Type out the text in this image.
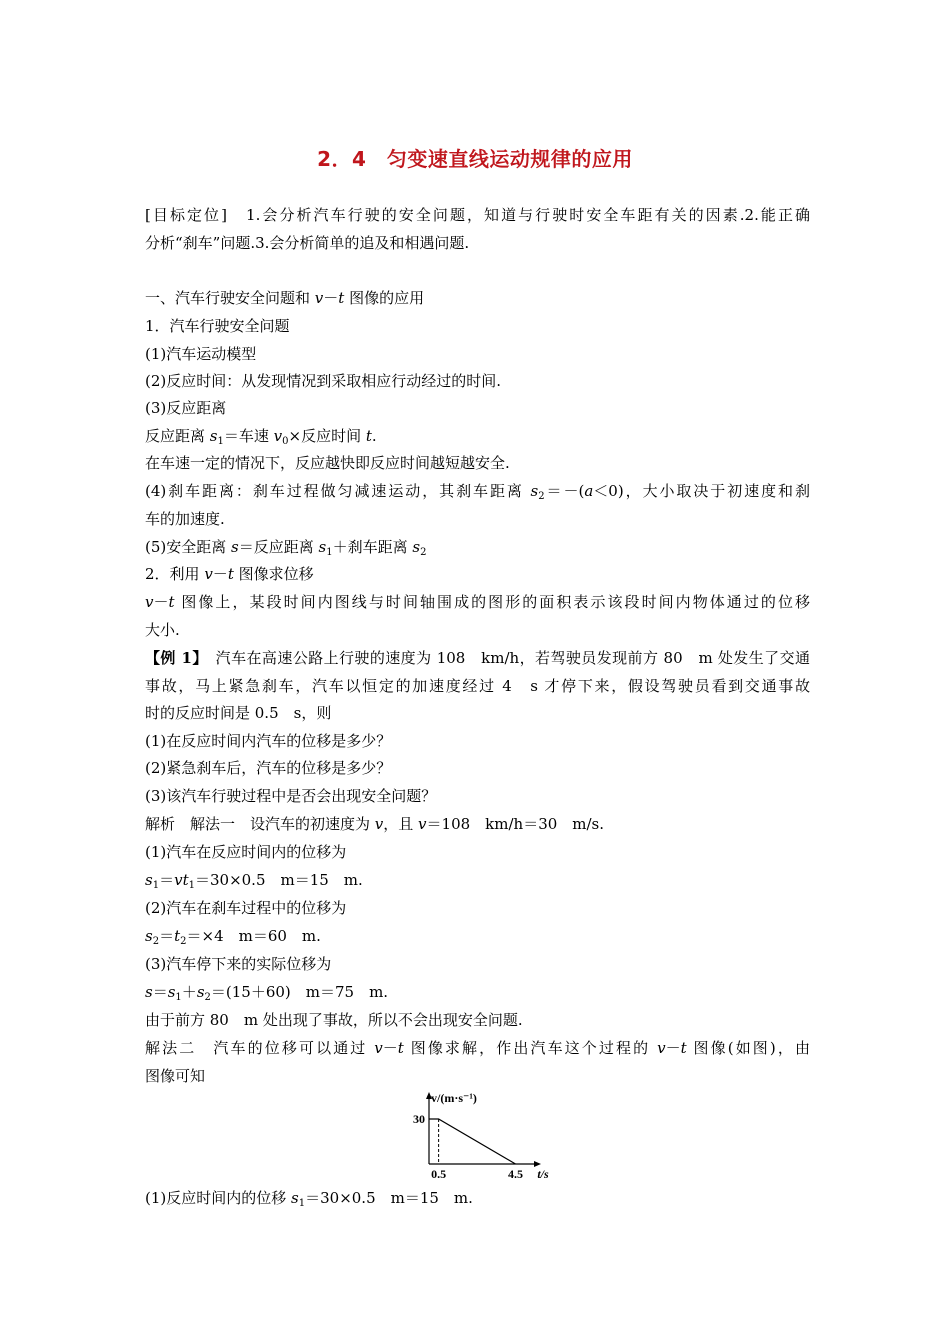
2．4　匀变速直线运动规律的应用
[目标定位]　1.会分析汽车行驶的安全问题，知道与行驶时安全车距有关的因素.2.能正确
分析“刹车”问题.3.会分析简单的追及和相遇问题.
一、汽车行驶安全问题和 v－t 图像的应用
1．汽车行驶安全问题
(1)汽车运动模型
(2)反应时间：从发现情况到采取相应行动经过的时间.
(3)反应距离
反应距离 $s_1=$车速 $v_0\times$反应时间 t.
在车速一定的情况下，反应越快即反应时间越短越安全.
(4)刹车距离：刹车过程做匀减速运动，其刹车距离 $s_2=-(a<0)$，大小取决于初速度和刹
车的加速度.
(5)安全距离 s＝反应距离 $s_1+$刹车距离 $s_2$
2．利用 v－t 图像求位移
v－t 图像上，某段时间内图线与时间轴围成的图形的面积表示该段时间内物体通过的位移
大小.
【例 1】　汽车在高速公路上行驶的速度为 108　km/h，若驾驶员发现前方 80　m 处发生了交通
事故，马上紧急刹车，汽车以恒定的加速度经过 4　s 才停下来，假设驾驶员看到交通事故
时的反应时间是 0.5　s，则
(1)在反应时间内汽车的位移是多少？
(2)紧急刹车后，汽车的位移是多少？
(3)该汽车行驶过程中是否会出现安全问题？
解析　解法一　设汽车的初速度为 v，且 v＝108　km/h＝30　m/s.
(1)汽车在反应时间内的位移为
$s_1=vt_1=30\times 0.5$　m＝15　m.
(2)汽车在刹车过程中的位移为
$s_2=t_2=\times 4$　m＝60　m.
(3)汽车停下来的实际位移为
$s=s_1+s_2=(15+60)$　m＝75　m.
由于前方 80　m 处出现了事故，所以不会出现安全问题.
解法二　汽车的位移可以通过 v－t 图像求解，作出汽车这个过程的 v－t 图像(如图)，由
图像可知
30
0.5	4.5 t/s
v/(m·s⁻¹)
(1)反应时间内的位移 $s_1=30\times 0.5$　m＝15　m.
